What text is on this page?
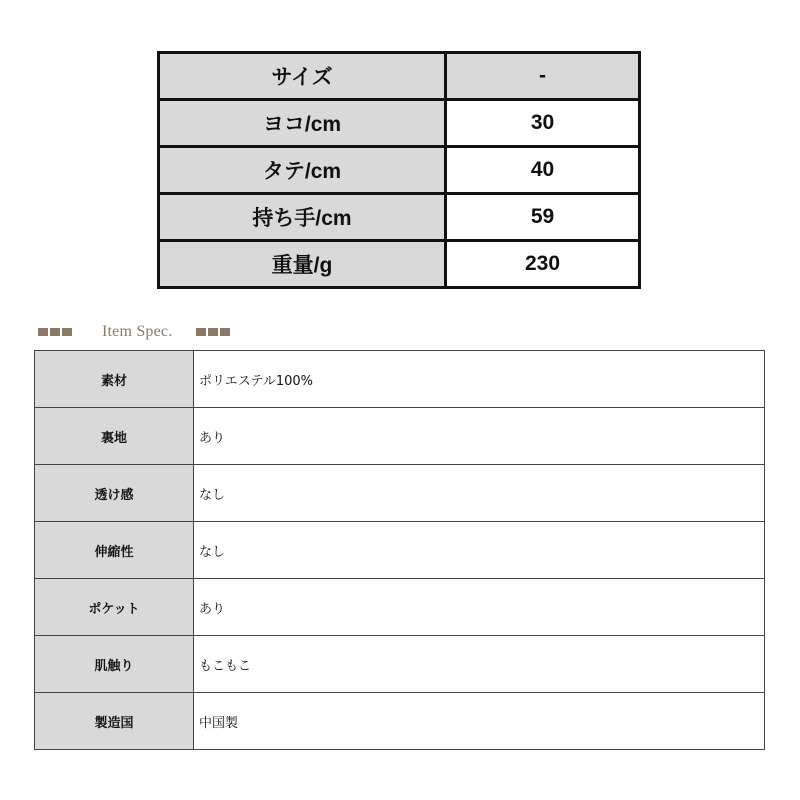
サイズ	-
ヨコ/cm	30
タテ/cm	40
持ち手/cm	59
重量/g	230
Item Spec.
素材	ポリエステル100%
裏地	あり
透け感	なし
伸縮性	なし
ポケット	あり
肌触り	もこもこ
製造国	中国製
